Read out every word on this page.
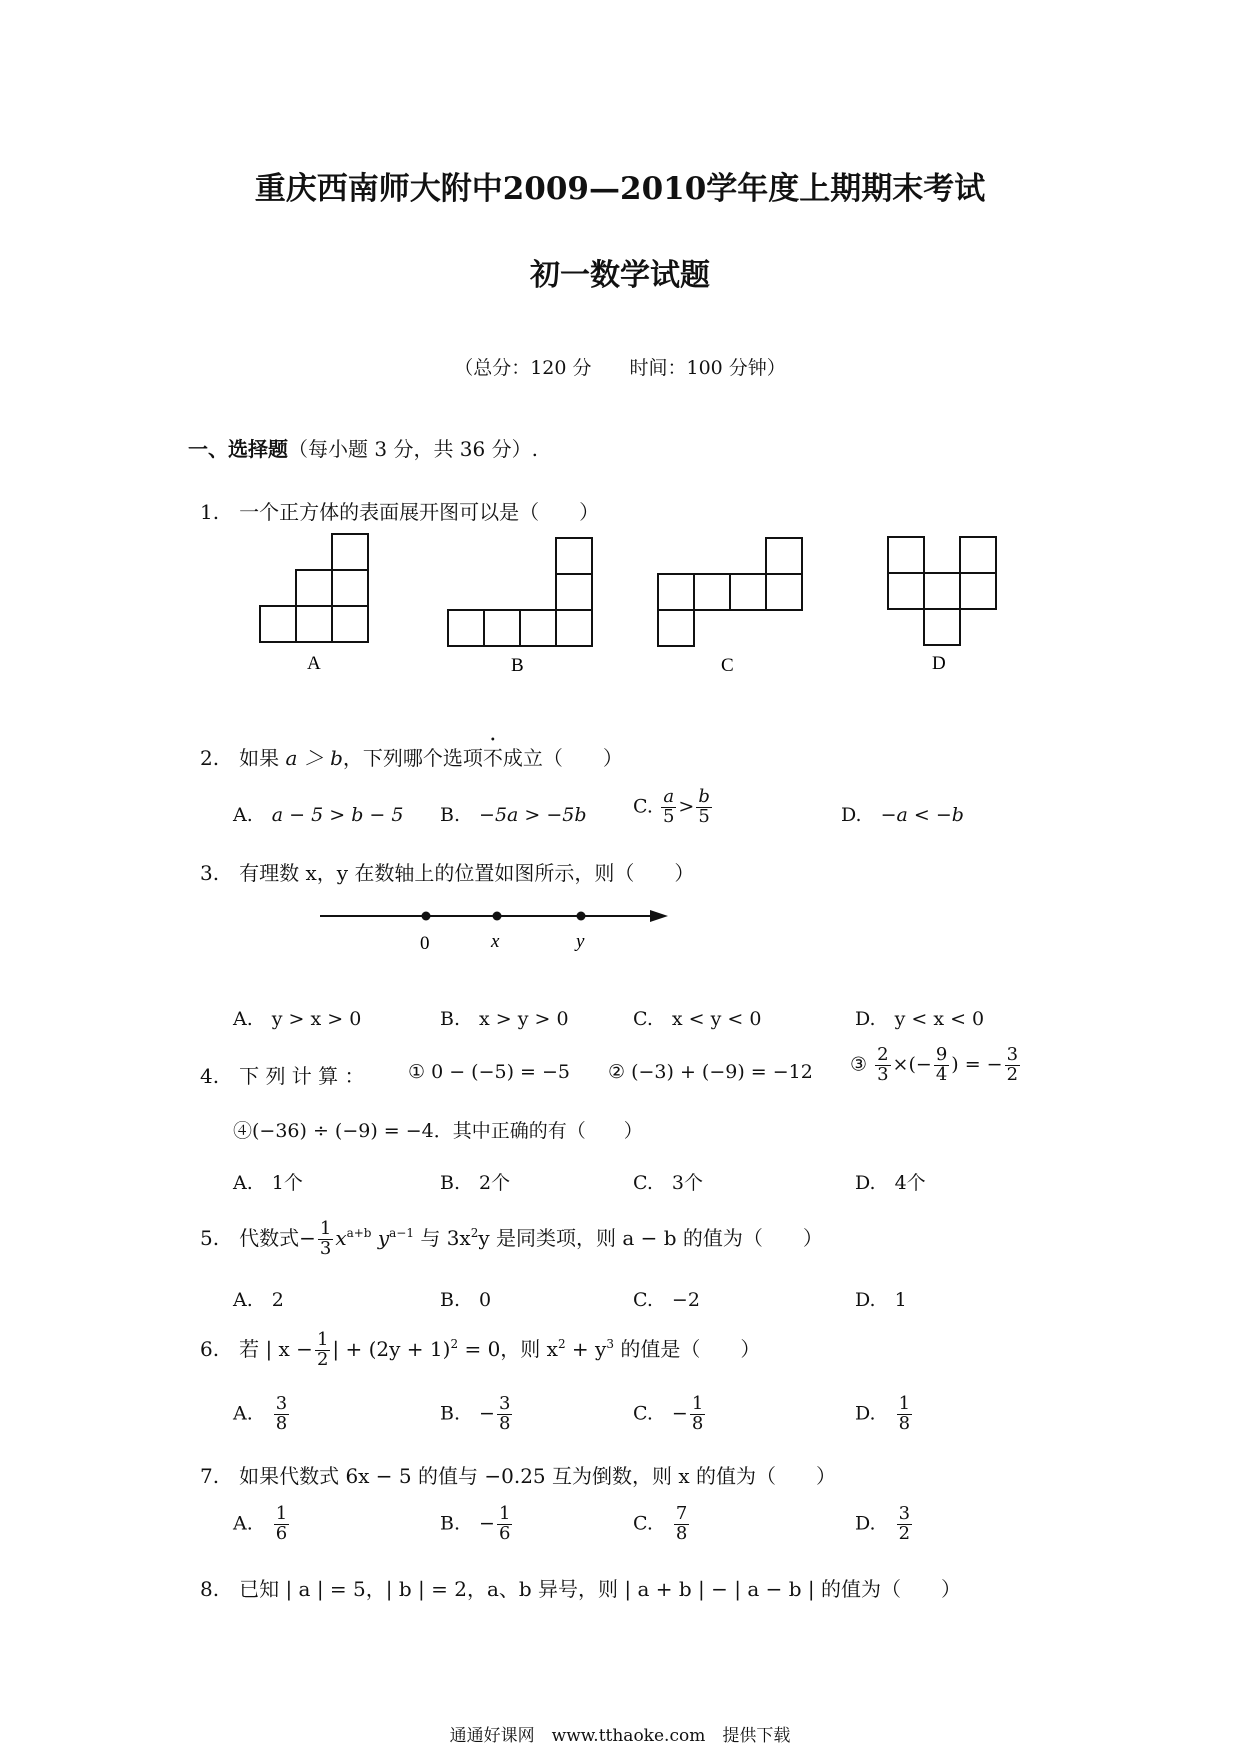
重庆西南师大附中2009—2010学年度上期期末考试
初一数学试题
（总分：120 分　　时间：100 分钟）
一、选择题（每小题 3 分，共 36 分）.
1.　 一个正方体的表面展开图可以是（　　）
A	B	C	D
0	x	y
2.　 如果 a ＞ b，下列哪个选项不成立（　　）
A.　 a − 5 > b − 5 B.　 −5a > −5b C. $\frac{a}{5} > \frac{b}{5}$	D.　 −a < −b
3.　 有理数 x，y 在数轴上的位置如图所示，则（　　）
A.　y > x > 0	B.　x > y > 0	C.　x < y < 0	D.　y < x < 0
4.　 下 列 计 算 ： ① 0 − (−5) = −5 ② (−3) + (−9) = −12 ③ $\frac{2}{3}$ ×(− $\frac{9}{4}$ ) = − $\frac{3}{2}$
④(−36) ÷ (−9) = −4．其中正确的有（　　）
A.　1个	B.　2个	C.　3个	D.　4个
5.　 代数式− $\frac{1}{3} x^{a+b}$ $y^{a-1}$ 与 $3x^2y$ 是同类项，则 a − b 的值为（　　）
A.　2	B.　0	C.　−2	D.　1
6.　 若 | $x - \frac{1}{2}$ | + $(2y + 1)^2 = 0$，则 $x^2 + y^3$ 的值是（　　）
A.　 $\frac{3}{8}$	B.　 − $\frac{3}{8}$	C.　 − $\frac{1}{8}$	D.　 $\frac{1}{8}$
7.　 如果代数式 6x − 5 的值与 −0.25 互为倒数，则 x 的值为（　　）
A.　 $\frac{1}{6}$	B.　 − $\frac{1}{6}$	C.　 $\frac{7}{8}$	D.　 $\frac{3}{2}$
8.　 已知 | a | = 5，| b | = 2，a、b 异号，则 | a + b | − | a − b | 的值为（　　）
通通好课网　www.tthaoke.com　提供下载
